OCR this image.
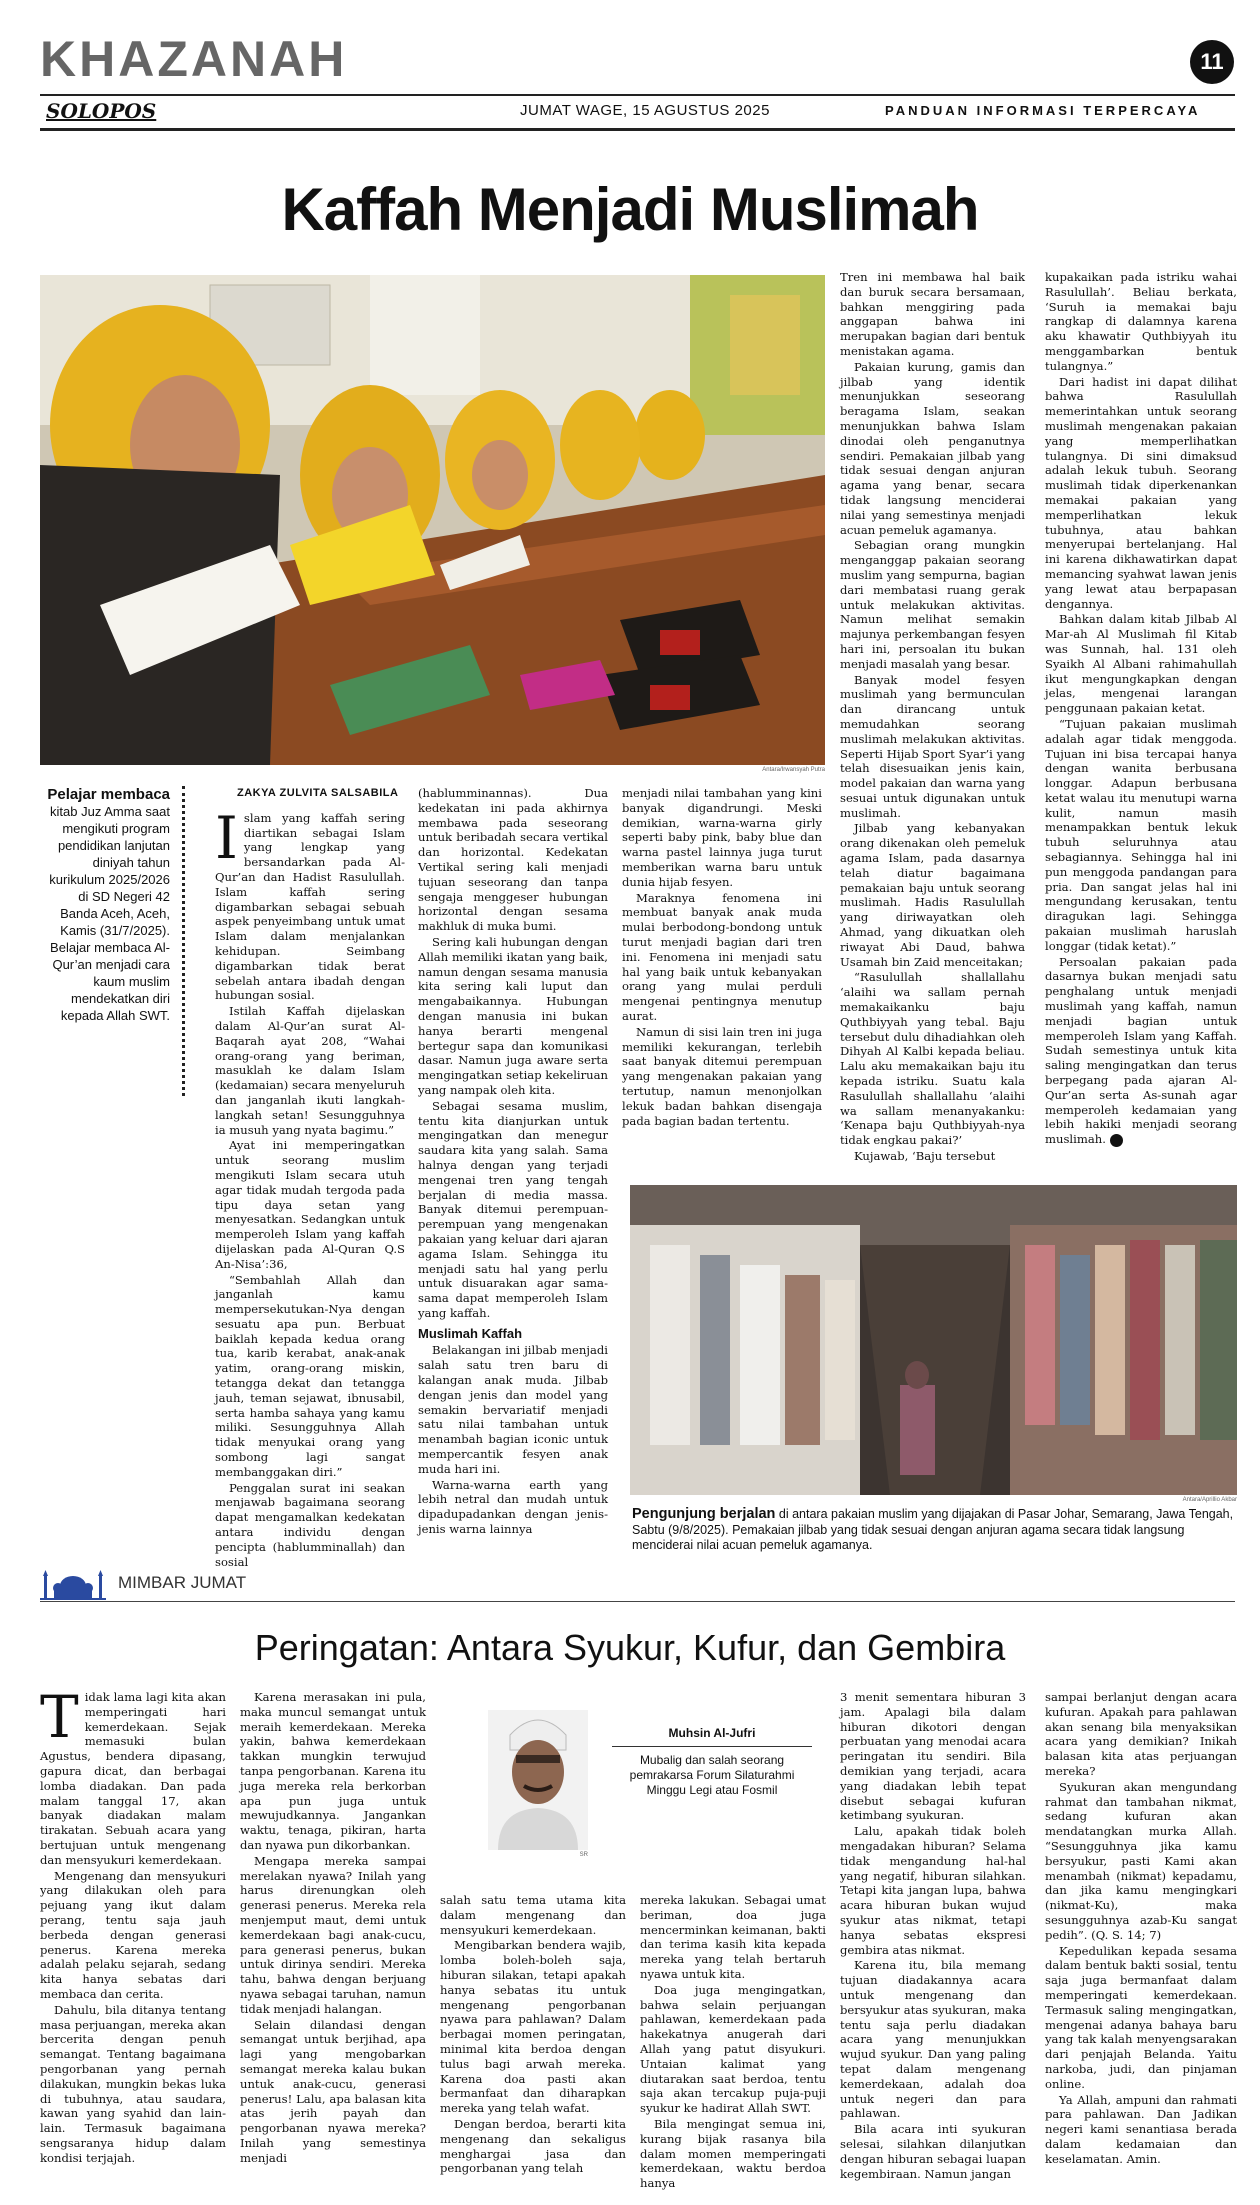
KHAZANAH	11
SOLOPOS	JUMAT WAGE, 15 AGUSTUS 2025	PANDUAN INFORMASI TERPERCAYA
Kaffah Menjadi Muslimah
Antara/Irwansyah Putra
Pelajar membaca kitab Juz Amma saat mengikuti program pendidikan lanjutan diniyah tahun kurikulum 2025/2026 di SD Negeri 42 Banda Aceh, Aceh, Kamis (31/7/2025). Belajar membaca Al-Qur’an menjadi cara kaum muslim mendekatkan diri kepada Allah SWT.
ZAKYA ZULVITA SALSABILA

Islam yang kaffah sering diartikan sebagai Islam yang lengkap yang bersandarkan pada Al-Qur’an dan Hadist Rasulullah. Islam kaffah sering digambarkan sebagai sebuah aspek penyeimbang untuk umat Islam dalam menjalankan kehidupan. Seimbang digambarkan tidak berat sebelah antara ibadah dengan hubungan sosial.

Istilah Kaffah dijelaskan dalam Al-Qur’an surat Al-Baqarah ayat 208, “Wahai orang-orang yang beriman, masuklah ke dalam Islam (kedamaian) secara menyeluruh dan janganlah ikuti langkah-langkah setan! Sesungguhnya ia musuh yang nyata bagimu.”

Ayat ini memperingatkan untuk seorang muslim mengikuti Islam secara utuh agar tidak mudah tergoda pada tipu daya setan yang menyesatkan. Sedangkan untuk memperoleh Islam yang kaffah dijelaskan pada Al-Quran Q.S An-Nisa’:36,

“Sembahlah Allah dan janganlah kamu mempersekutukan-Nya dengan sesuatu apa pun. Berbuat baiklah kepada kedua orang tua, karib kerabat, anak-anak yatim, orang-orang miskin, tetangga dekat dan tetangga jauh, teman sejawat, ibnusabil, serta hamba sahaya yang kamu miliki. Sesungguhnya Allah tidak menyukai orang yang sombong lagi sangat membanggakan diri.”

Penggalan surat ini seakan menjawab bagaimana seorang dapat mengamalkan kedekatan antara individu dengan pencipta (hablumminallah) dan sosial

(hablumminannas). Dua kedekatan ini pada akhirnya membawa pada seseorang untuk beribadah secara vertikal dan horizontal. Kedekatan Vertikal sering kali menjadi tujuan seseorang dan tanpa sengaja menggeser hubungan horizontal dengan sesama makhluk di muka bumi.

Sering kali hubungan dengan Allah memiliki ikatan yang baik, namun dengan sesama manusia kita sering kali luput dan mengabaikannya. Hubungan dengan manusia ini bukan hanya berarti mengenal bertegur sapa dan komunikasi dasar. Namun juga aware serta mengingatkan setiap kekeliruan yang nampak oleh kita.

Sebagai sesama muslim, tentu kita dianjurkan untuk mengingatkan dan menegur saudara kita yang salah. Sama halnya dengan yang terjadi mengenai tren yang tengah berjalan di media massa. Banyak ditemui perempuan-perempuan yang mengenakan pakaian yang keluar dari ajaran agama Islam. Sehingga itu menjadi satu hal yang perlu untuk disuarakan agar sama-sama dapat memperoleh Islam yang kaffah.

Muslimah Kaffah

Belakangan ini jilbab menjadi salah satu tren baru di kalangan anak muda. Jilbab dengan jenis dan model yang semakin bervariatif menjadi satu nilai tambahan untuk menambah bagian iconic untuk mempercantik fesyen anak muda hari ini.

Warna-warna earth yang lebih netral dan mudah untuk dipadupadankan dengan jenis-jenis warna lainnya

menjadi nilai tambahan yang kini banyak digandrungi. Meski demikian, warna-warna girly seperti baby pink, baby blue dan warna pastel lainnya juga turut memberikan warna baru untuk dunia hijab fesyen.

Maraknya fenomena ini membuat banyak anak muda mulai berbodong-bondong untuk turut menjadi bagian dari tren ini. Fenomena ini menjadi satu hal yang baik untuk kebanyakan orang yang mulai perduli mengenai pentingnya menutup aurat.

Namun di sisi lain tren ini juga memiliki kekurangan, terlebih saat banyak ditemui perempuan yang mengenakan pakaian yang tertutup, namun menonjolkan lekuk badan bahkan disengaja pada bagian badan tertentu.

Tren ini membawa hal baik dan buruk secara bersamaan, bahkan menggiring pada anggapan bahwa ini merupakan bagian dari bentuk menistakan agama.

Pakaian kurung, gamis dan jilbab yang identik menunjukkan seseorang beragama Islam, seakan menunjukkan bahwa Islam dinodai oleh penganutnya sendiri. Pemakaian jilbab yang tidak sesuai dengan anjuran agama yang benar, secara tidak langsung menciderai nilai yang semestinya menjadi acuan pemeluk agamanya.

Sebagian orang mungkin menganggap pakaian seorang muslim yang sempurna, bagian dari membatasi ruang gerak untuk melakukan aktivitas. Namun melihat semakin majunya perkembangan fesyen hari ini, persoalan itu bukan menjadi masalah yang besar.

Banyak model fesyen muslimah yang bermunculan dan dirancang untuk memudahkan seorang muslimah melakukan aktivitas. Seperti Hijab Sport Syar’i yang telah disesuaikan jenis kain, model pakaian dan warna yang sesuai untuk digunakan untuk muslimah.

Jilbab yang kebanyakan orang dikenakan oleh pemeluk agama Islam, pada dasarnya telah diatur bagaimana pemakaian baju untuk seorang muslimah. Hadis Rasulullah yang diriwayatkan oleh Ahmad, yang dikuatkan oleh riwayat Abi Daud, bahwa Usamah bin Zaid menceitakan;

“Rasulullah shallallahu ‘alaihi wa sallam pernah memakaikanku baju Quthbiyyah yang tebal. Baju tersebut dulu dihadiahkan oleh Dihyah Al Kalbi kepada beliau. Lalu aku memakaikan baju itu kepada istriku. Suatu kala Rasulullah shallallahu ‘alaihi wa sallam menanyakanku: ‘Kenapa baju Quthbiyyah-nya tidak engkau pakai?’

Kujawab, ‘Baju tersebut

kupakaikan pada istriku wahai Rasulullah’. Beliau berkata, ‘Suruh ia memakai baju rangkap di dalamnya karena aku khawatir Quthbiyyah itu menggambarkan bentuk tulangnya.”

Dari hadist ini dapat dilihat bahwa Rasulullah memerintahkan untuk seorang muslimah mengenakan pakaian yang memperlihatkan tulangnya. Di sini dimaksud adalah lekuk tubuh. Seorang muslimah tidak diperkenankan memakai pakaian yang memperlihatkan lekuk tubuhnya, atau bahkan menyerupai bertelanjang. Hal ini karena dikhawatirkan dapat memancing syahwat lawan jenis yang lewat atau berpapasan dengannya.

Bahkan dalam kitab Jilbab Al Mar-ah Al Muslimah fil Kitab was Sunnah, hal. 131 oleh Syaikh Al Albani rahimahullah ikut mengungkapkan dengan jelas, mengenai larangan penggunaan pakaian ketat.

“Tujuan pakaian muslimah adalah agar tidak menggoda. Tujuan ini bisa tercapai hanya dengan wanita berbusana longgar. Adapun berbusana ketat walau itu menutupi warna kulit, namun masih menampakkan bentuk lekuk tubuh seluruhnya atau sebagiannya. Sehingga hal ini pun menggoda pandangan para pria. Dan sangat jelas hal ini mengundang kerusakan, tentu diragukan lagi. Sehingga pakaian muslimah haruslah longgar (tidak ketat).”

Persoalan pakaian pada dasarnya bukan menjadi satu penghalang untuk menjadi muslimah yang kaffah, namun menjadi bagian untuk memperoleh Islam yang Kaffah. Sudah semestinya untuk kita saling mengingatkan dan terus berpegang pada ajaran Al-Qur’an serta As-sunah agar memperoleh kedamaian yang lebih hakiki menjadi seorang muslimah.

Antara/Aprillio Akbar
Pengunjung berjalan di antara pakaian muslim yang dijajakan di Pasar Johar, Semarang, Jawa Tengah, Sabtu (9/8/2025). Pemakaian jilbab yang tidak sesuai dengan anjuran agama secara tidak langsung menciderai nilai acuan pemeluk agamanya.
MIMBAR JUMAT
Peringatan: Antara Syukur, Kufur, dan Gembira

Tidak lama lagi kita akan memperingati hari kemerdekaan. Sejak memasuki bulan Agustus, bendera dipasang, gapura dicat, dan berbagai lomba diadakan. Dan pada malam tanggal 17, akan banyak diadakan malam tirakatan. Sebuah acara yang bertujuan untuk mengenang dan mensyukuri kemerdekaan.

Mengenang dan mensyukuri yang dilakukan oleh para pejuang yang ikut dalam perang, tentu saja jauh berbeda dengan generasi penerus. Karena mereka adalah pelaku sejarah, sedang kita hanya sebatas dari membaca dan cerita.

Dahulu, bila ditanya tentang masa perjuangan, mereka akan bercerita dengan penuh semangat. Tentang bagaimana pengorbanan yang pernah dilakukan, mungkin bekas luka di tubuhnya, atau saudara, kawan yang syahid dan lain-lain. Termasuk bagaimana sengsaranya hidup dalam kondisi terjajah.

Karena merasakan ini pula, maka muncul semangat untuk meraih kemerdekaan. Mereka yakin, bahwa kemerdekaan takkan mungkin terwujud tanpa pengorbanan. Karena itu juga mereka rela berkorban apa pun juga untuk mewujudkannya. Jangankan waktu, tenaga, pikiran, harta dan nyawa pun dikorbankan.

Mengapa mereka sampai merelakan nyawa? Inilah yang harus direnungkan oleh generasi penerus. Mereka rela menjemput maut, demi untuk kemerdekaan bagi anak-cucu, para generasi penerus, bukan untuk dirinya sendiri. Mereka tahu, bahwa dengan berjuang nyawa sebagai taruhan, namun tidak menjadi halangan.

Selain dilandasi dengan semangat untuk berjihad, apa lagi yang mengobarkan semangat mereka kalau bukan untuk anak-cucu, generasi penerus! Lalu, apa balasan kita atas jerih payah dan pengorbanan nyawa mereka? Inilah yang semestinya menjadi

SR
Muhsin Al-Jufri
Mubalig dan salah seorang pemrakarsa Forum Silaturahmi Minggu Legi atau Fosmil

salah satu tema utama kita dalam mengenang dan mensyukuri kemerdekaan.

Mengibarkan bendera wajib, lomba boleh-boleh saja, hiburan silakan, tetapi apakah hanya sebatas itu untuk mengenang pengorbanan nyawa para pahlawan? Dalam berbagai momen peringatan, minimal kita berdoa dengan tulus bagi arwah mereka. Karena doa pasti akan bermanfaat dan diharapkan mereka yang telah wafat.

Dengan berdoa, berarti kita mengenang dan sekaligus menghargai jasa dan pengorbanan yang telah

mereka lakukan. Sebagai umat beriman, doa juga mencerminkan keimanan, bakti dan terima kasih kita kepada mereka yang telah bertaruh nyawa untuk kita.

Doa juga mengingatkan, bahwa selain perjuangan pahlawan, kemerdekaan pada hakekatnya anugerah dari Allah yang patut disyukuri. Untaian kalimat yang diutarakan saat berdoa, tentu saja akan tercakup puja-puji syukur ke hadirat Allah SWT.

Bila mengingat semua ini, kurang bijak rasanya bila dalam momen memperingati kemerdekaan, waktu berdoa hanya

3 menit sementara hiburan 3 jam. Apalagi bila dalam hiburan dikotori dengan perbuatan yang menodai acara peringatan itu sendiri. Bila demikian yang terjadi, acara yang diadakan lebih tepat disebut sebagai kufuran ketimbang syukuran.

Lalu, apakah tidak boleh mengadakan hiburan? Selama tidak mengandung hal-hal yang negatif, hiburan silahkan. Tetapi kita jangan lupa, bahwa acara hiburan bukan wujud syukur atas nikmat, tetapi hanya sebatas ekspresi gembira atas nikmat.

Karena itu, bila memang tujuan diadakannya acara untuk mengenang dan bersyukur atas syukuran, maka tentu saja perlu diadakan acara yang menunjukkan wujud syukur. Dan yang paling tepat dalam mengenang kemerdekaan, adalah doa untuk negeri dan para pahlawan.

Bila acara inti syukuran selesai, silahkan dilanjutkan dengan hiburan sebagai luapan kegembiraan. Namun jangan

sampai berlanjut dengan acara kufuran. Apakah para pahlawan akan senang bila menyaksikan acara yang demikian? Inikah balasan kita atas perjuangan mereka?

Syukuran akan mengundang rahmat dan tambahan nikmat, sedang kufuran akan mendatangkan murka Allah. “Sesungguhnya jika kamu bersyukur, pasti Kami akan menambah (nikmat) kepadamu, dan jika kamu mengingkari (nikmat-Ku), maka sesungguhnya azab-Ku sangat pedih”. (Q. S. 14; 7)

Kepedulikan kepada sesama dalam bentuk bakti sosial, tentu saja juga bermanfaat dalam memperingati kemerdekaan. Termasuk saling mengingatkan, mengenai adanya bahaya baru yang tak kalah menyengsarakan dari penjajah Belanda. Yaitu narkoba, judi, dan pinjaman online.

Ya Allah, ampuni dan rahmati para pahlawan. Dan Jadikan negeri kami senantiasa berada dalam kedamaian dan keselamatan. Amin.
